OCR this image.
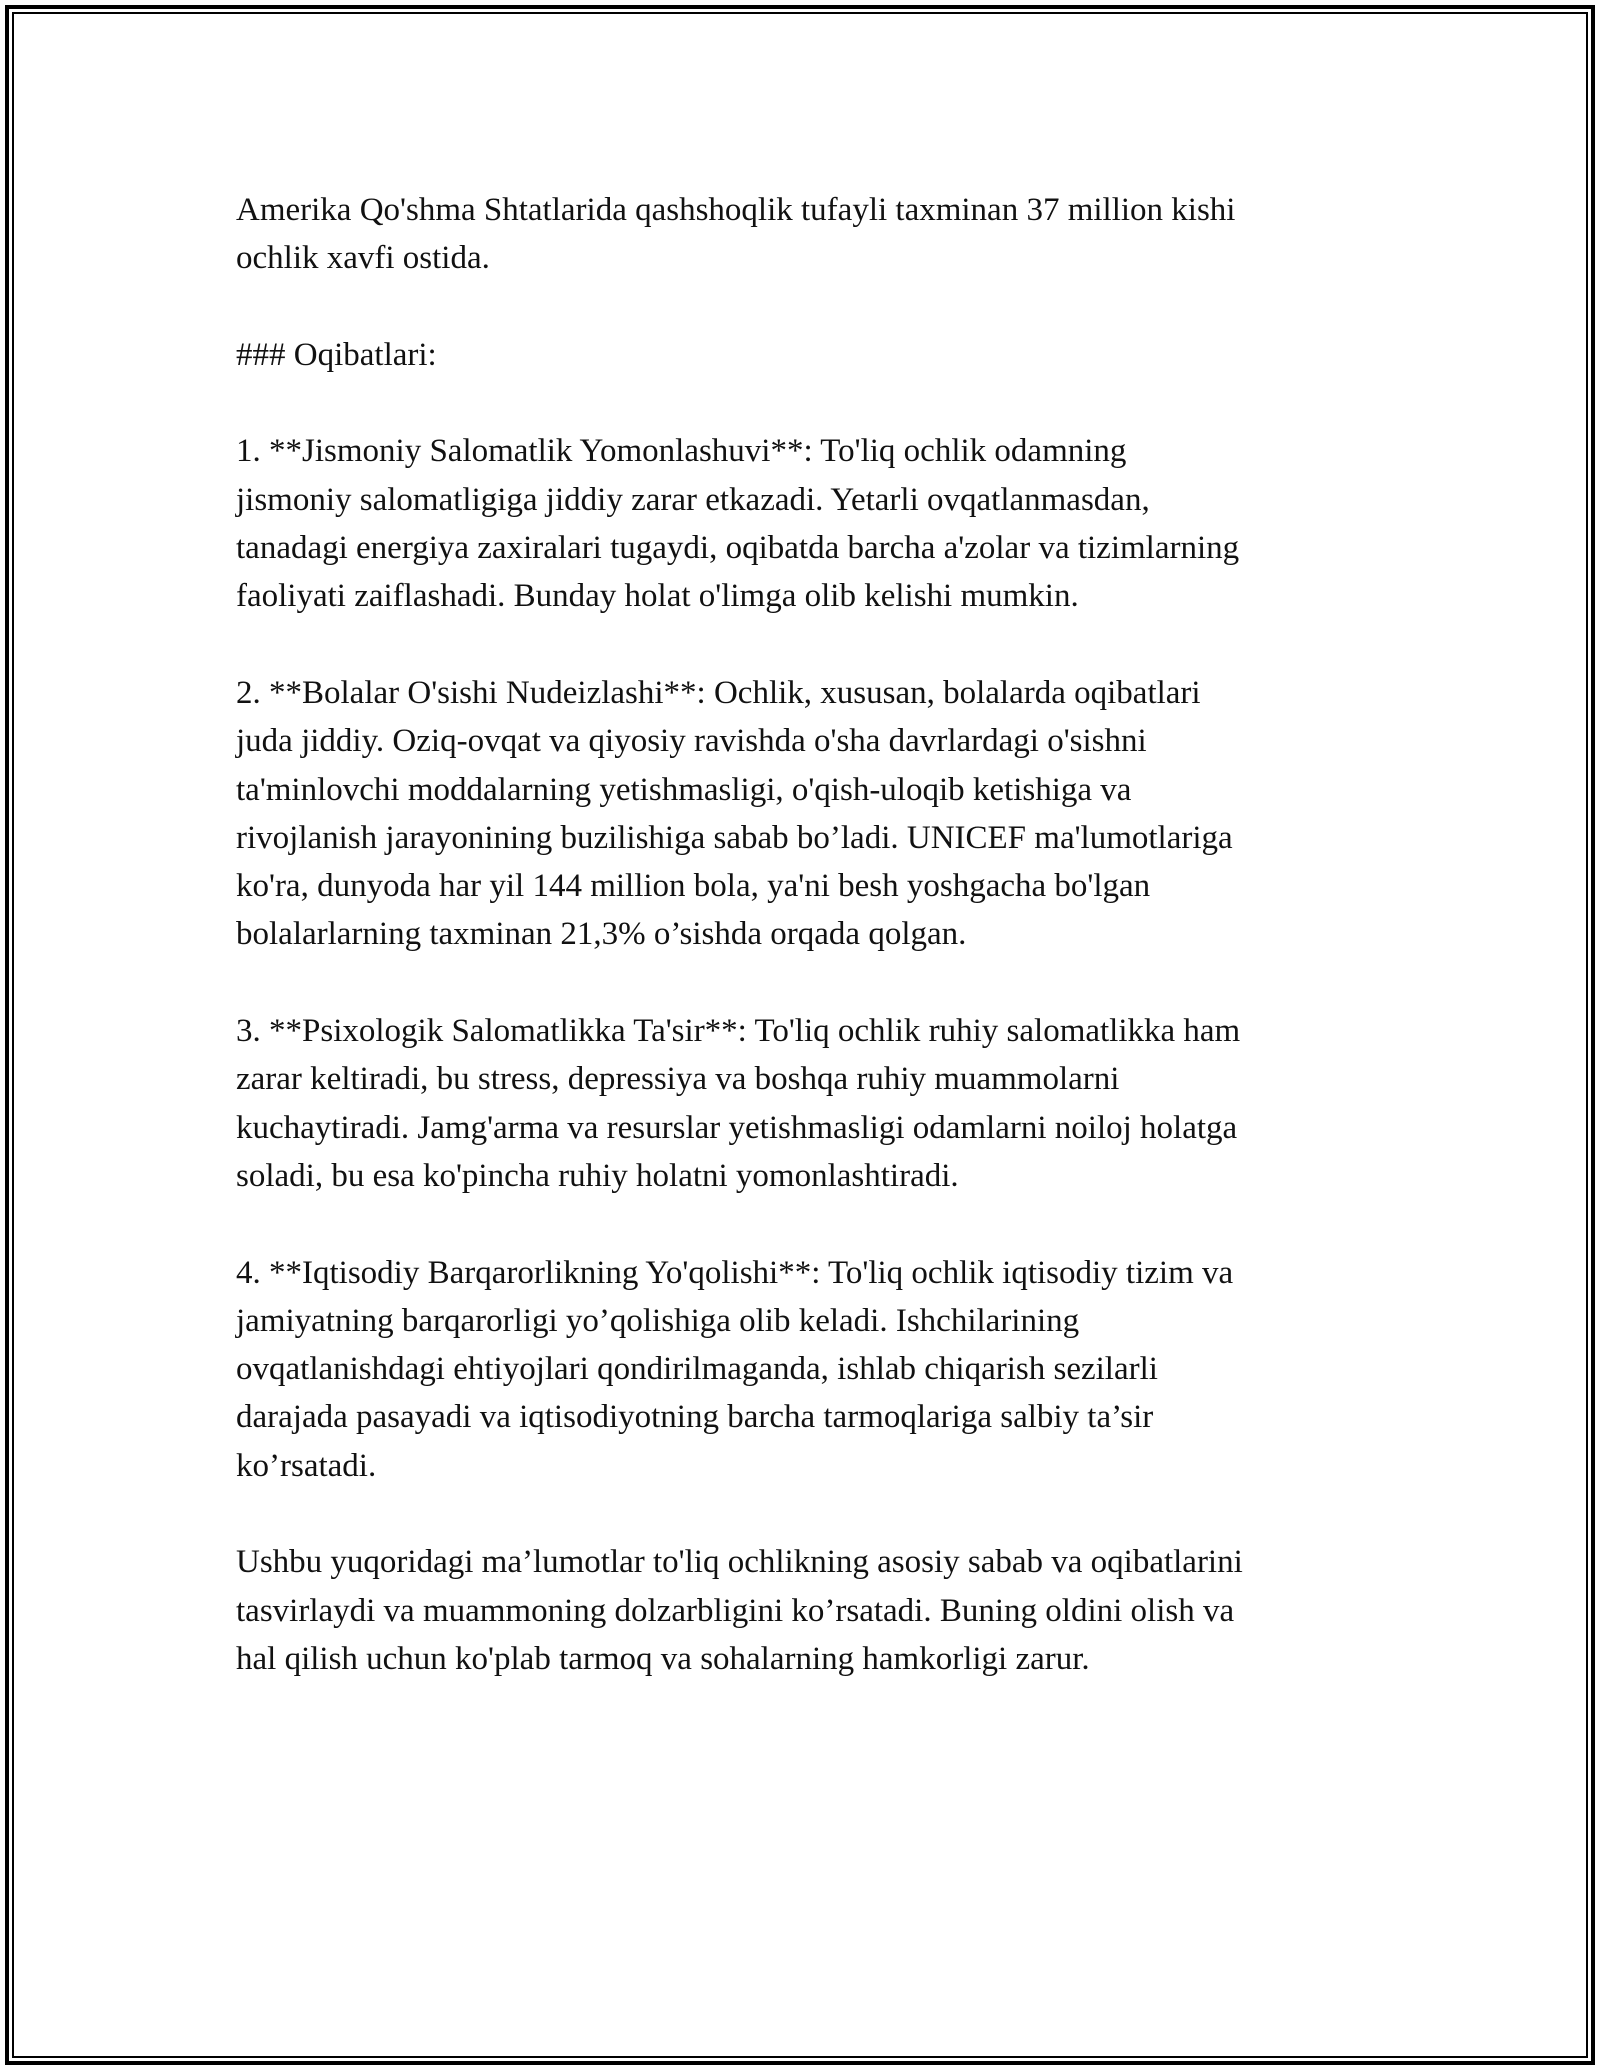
Amerika Qo'shma Shtatlarida qashshoqlik tufayli taxminan 37 million kishi
ochlik xavfi ostida.

### Oqibatlari:

1. **Jismoniy Salomatlik Yomonlashuvi**: To'liq ochlik odamning
jismoniy salomatligiga jiddiy zarar etkazadi. Yetarli ovqatlanmasdan,
tanadagi energiya zaxiralari tugaydi, oqibatda barcha a'zolar va tizimlarning
faoliyati zaiflashadi. Bunday holat o'limga olib kelishi mumkin.

2. **Bolalar O'sishi Nudeizlashi**: Ochlik, xususan, bolalarda oqibatlari
juda jiddiy. Oziq-ovqat va qiyosiy ravishda o'sha davrlardagi o'sishni
ta'minlovchi moddalarning yetishmasligi, o'qish-uloqib ketishiga va
rivojlanish jarayonining buzilishiga sabab bo’ladi. UNICEF ma'lumotlariga
ko'ra, dunyoda har yil 144 million bola, ya'ni besh yoshgacha bo'lgan
bolalarlarning taxminan 21,3% o’sishda orqada qolgan.

3. **Psixologik Salomatlikka Ta'sir**: To'liq ochlik ruhiy salomatlikka ham
zarar keltiradi, bu stress, depressiya va boshqa ruhiy muammolarni
kuchaytiradi. Jamg'arma va resurslar yetishmasligi odamlarni noiloj holatga
soladi, bu esa ko'pincha ruhiy holatni yomonlashtiradi.

4. **Iqtisodiy Barqarorlikning Yo'qolishi**: To'liq ochlik iqtisodiy tizim va
jamiyatning barqarorligi yo’qolishiga olib keladi. Ishchilarining
ovqatlanishdagi ehtiyojlari qondirilmaganda, ishlab chiqarish sezilarli
darajada pasayadi va iqtisodiyotning barcha tarmoqlariga salbiy ta’sir
ko’rsatadi.

Ushbu yuqoridagi ma’lumotlar to'liq ochlikning asosiy sabab va oqibatlarini
tasvirlaydi va muammoning dolzarbligini ko’rsatadi. Buning oldini olish va
hal qilish uchun ko'plab tarmoq va sohalarning hamkorligi zarur.
